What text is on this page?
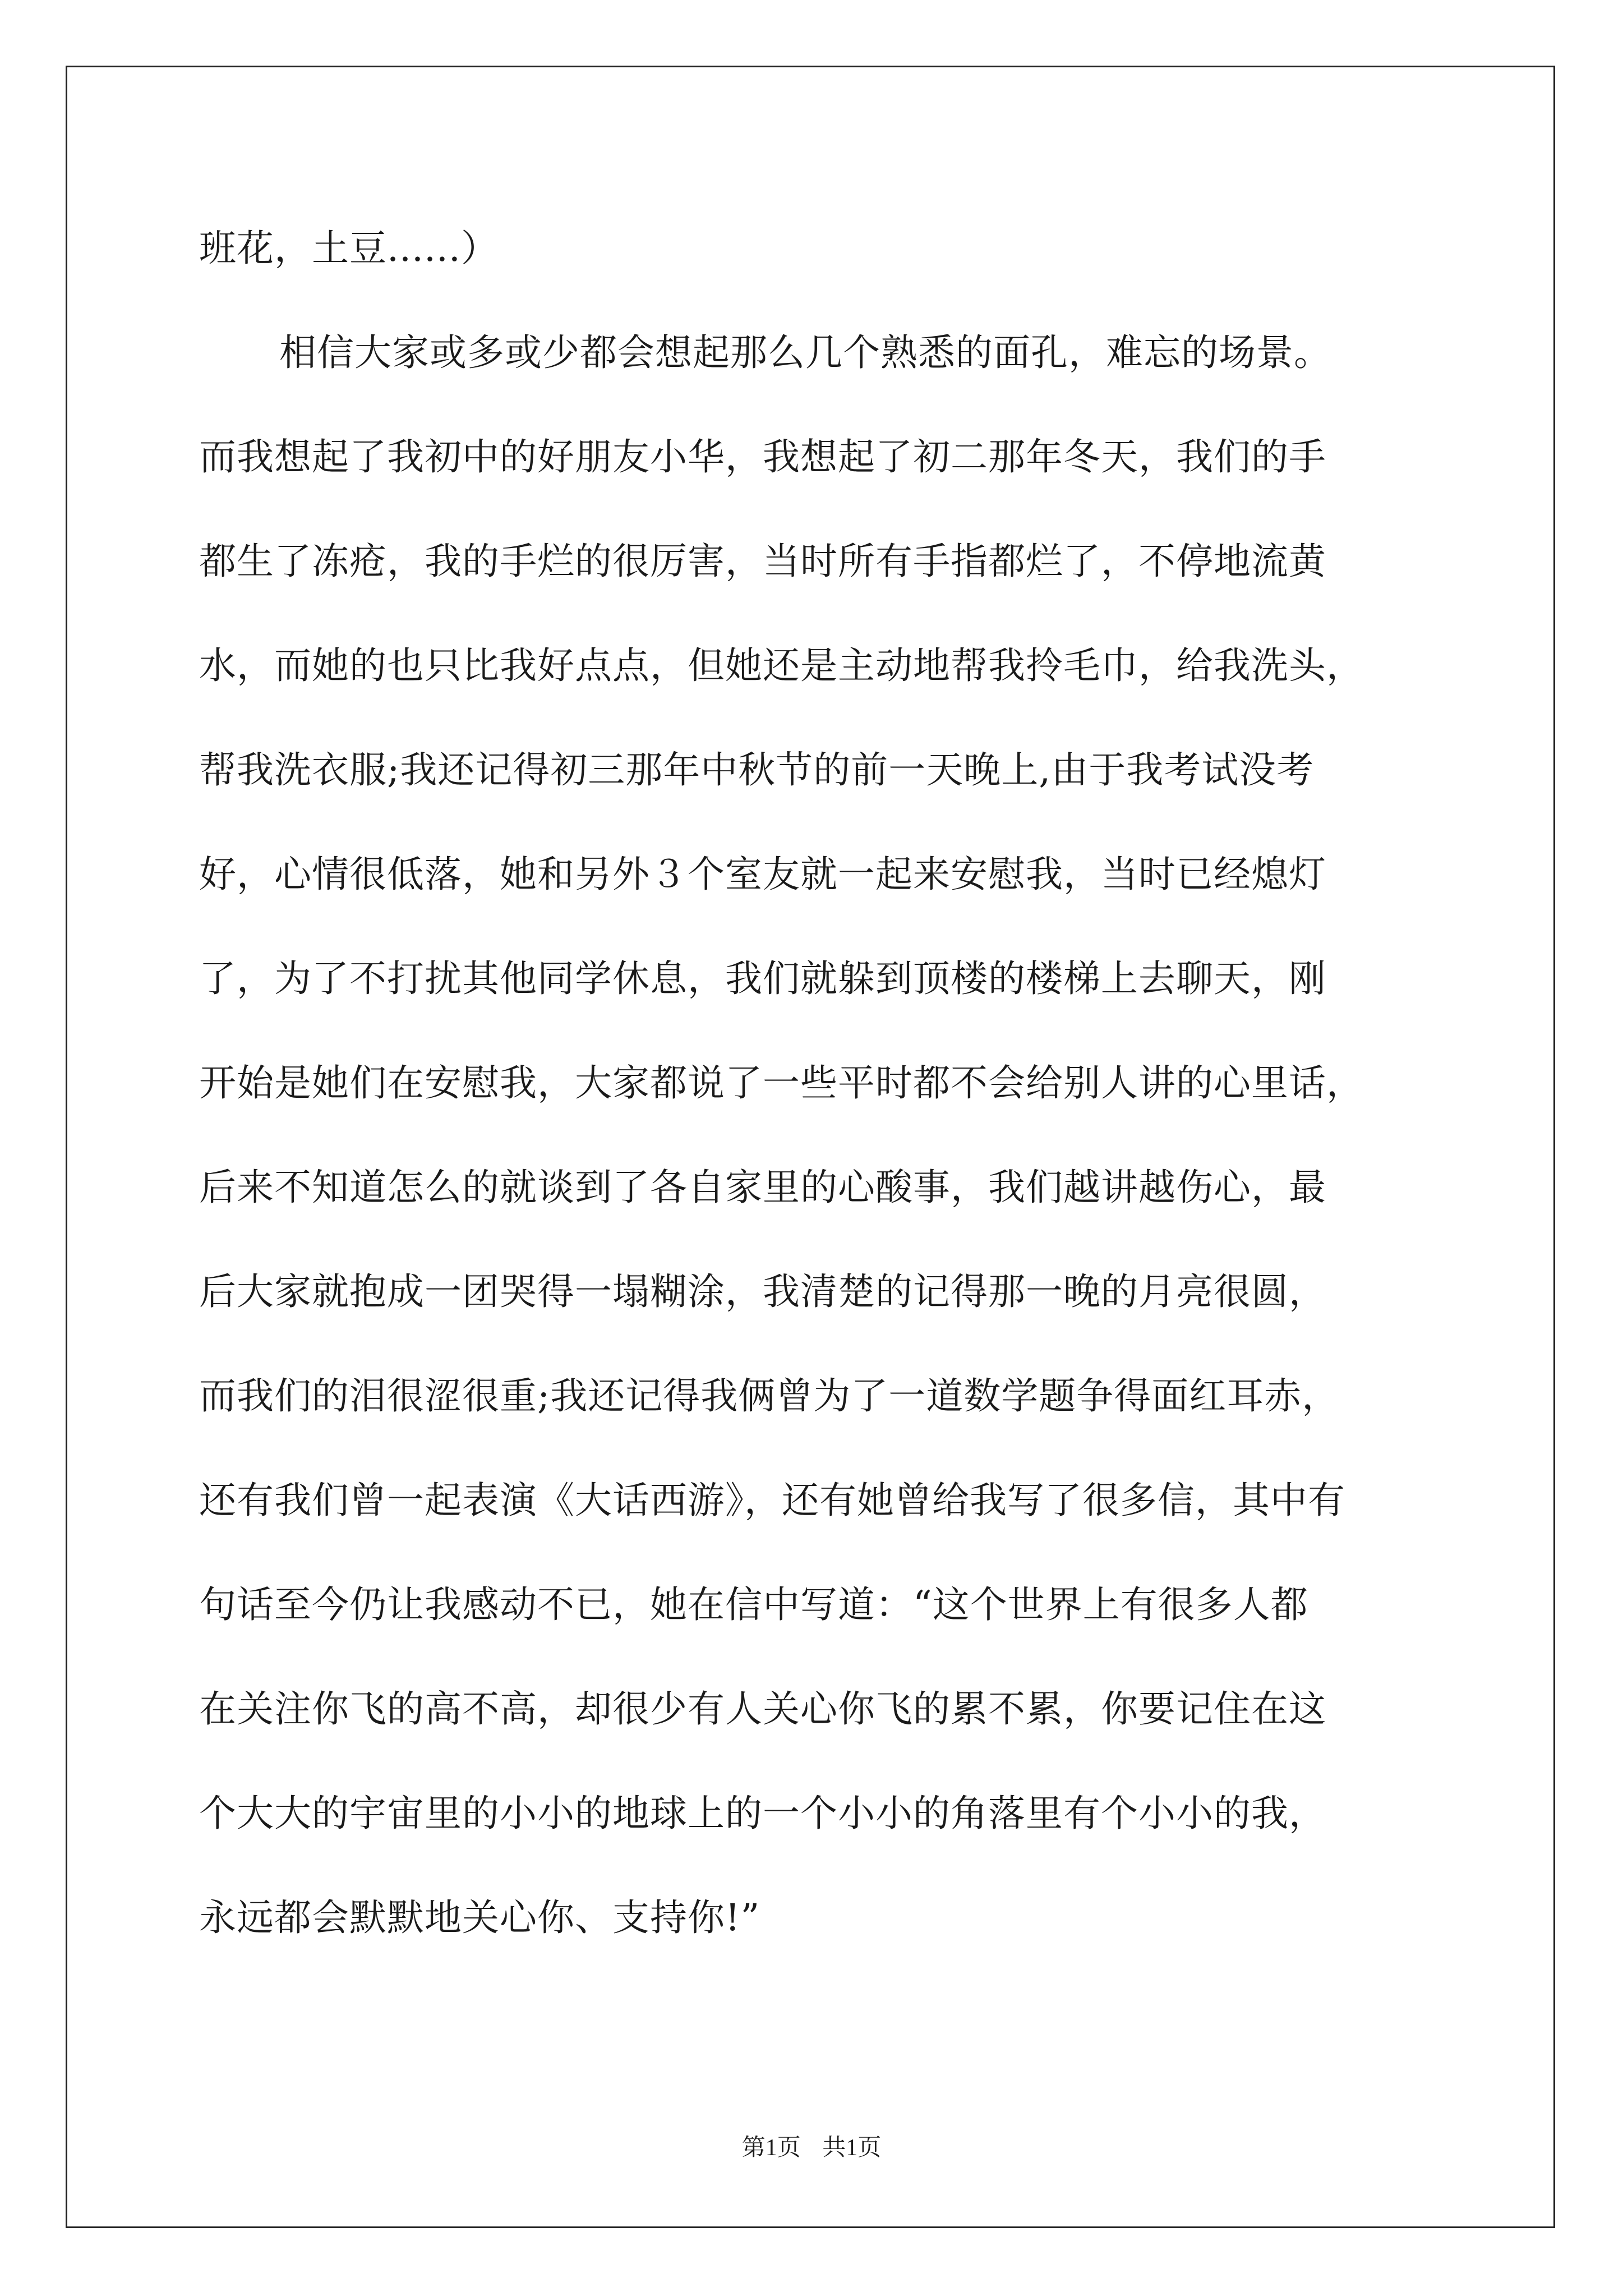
班花，土豆......）
相信大家或多或少都会想起那么几个熟悉的面孔，难忘的场景。
而我想起了我初中的好朋友小华，我想起了初二那年冬天，我们的手
都生了冻疮，我的手烂的很厉害，当时所有手指都烂了，不停地流黄
水，而她的也只比我好点点，但她还是主动地帮我拎毛巾，给我洗头，
帮我洗衣服;我还记得初三那年中秋节的前一天晚上,由于我考试没考
好，心情很低落，她和另外３个室友就一起来安慰我，当时已经熄灯
了，为了不打扰其他同学休息，我们就躲到顶楼的楼梯上去聊天，刚
开始是她们在安慰我，大家都说了一些平时都不会给别人讲的心里话，
后来不知道怎么的就谈到了各自家里的心酸事，我们越讲越伤心，最
后大家就抱成一团哭得一塌糊涂，我清楚的记得那一晚的月亮很圆，
而我们的泪很涩很重;我还记得我俩曾为了一道数学题争得面红耳赤，
还有我们曾一起表演《大话西游》，还有她曾给我写了很多信，其中有
句话至今仍让我感动不已，她在信中写道：“这个世界上有很多人都
在关注你飞的高不高，却很少有人关心你飞的累不累，你要记住在这
个大大的宇宙里的小小的地球上的一个小小的角落里有个小小的我，
永远都会默默地关心你、支持你!”
第1页 共1页
